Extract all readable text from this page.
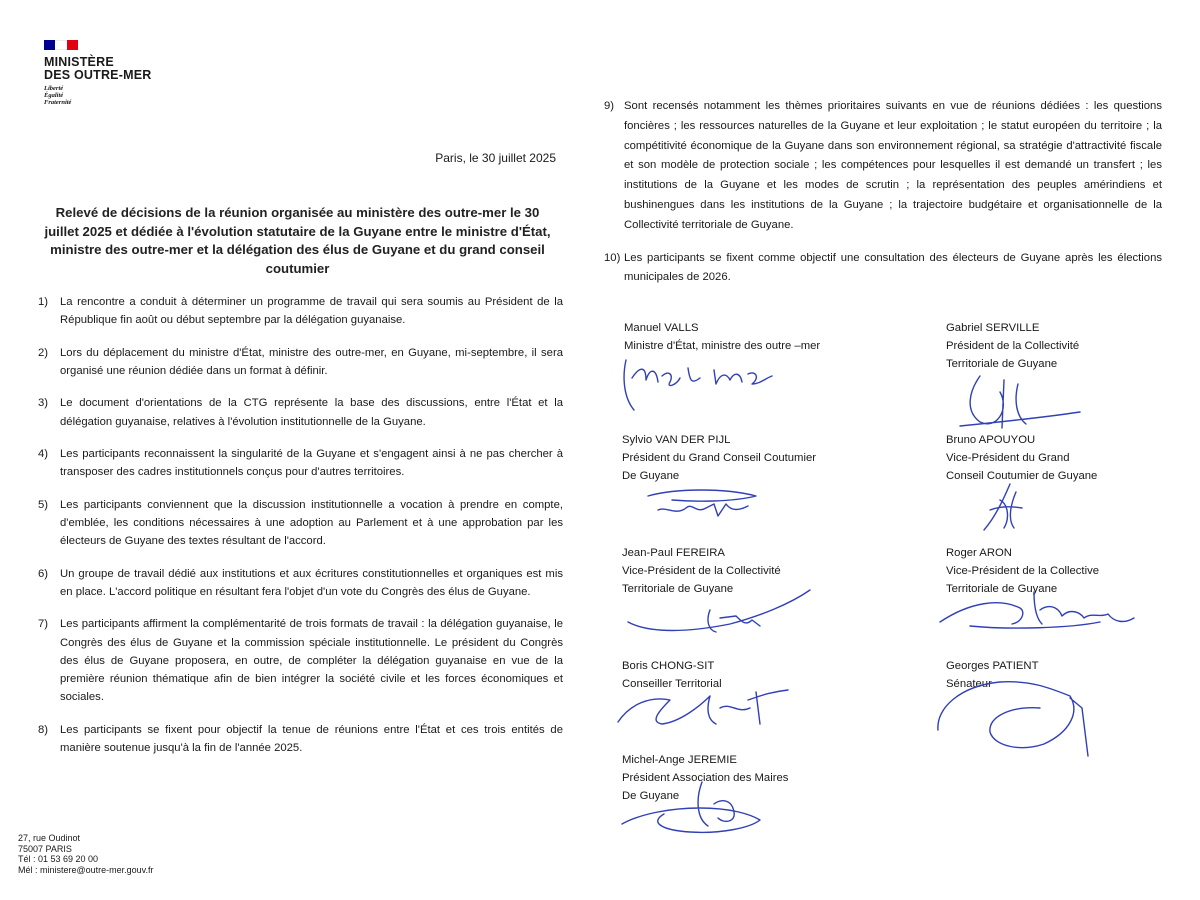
MINISTÈRE
DES OUTRE-MER
Liberté
Égalité
Fraternité
Paris, le 30 juillet 2025
Relevé de décisions de la réunion organisée au ministère des outre-mer le 30 juillet 2025 et dédiée à l'évolution statutaire de la Guyane entre le ministre d'État, ministre des outre-mer et la délégation des élus de Guyane et du grand conseil coutumier
1)	La rencontre a conduit à déterminer un programme de travail qui sera soumis au Président de la République fin août ou début septembre par la délégation guyanaise.
2)	Lors du déplacement du ministre d'État, ministre des outre-mer, en Guyane, mi-septembre, il sera organisé une réunion dédiée dans un format à définir.
3)	Le document d'orientations de la CTG représente la base des discussions, entre l'État et la délégation guyanaise, relatives à l'évolution institutionnelle de la Guyane.
4)	Les participants reconnaissent la singularité de la Guyane et s'engagent ainsi à ne pas chercher à transposer des cadres institutionnels conçus pour d'autres territoires.
5)	Les participants conviennent que la discussion institutionnelle a vocation à prendre en compte, d'emblée, les conditions nécessaires à une adoption au Parlement et à une approbation par les électeurs de Guyane des textes résultant de l'accord.
6)	Un groupe de travail dédié aux institutions et aux écritures constitutionnelles et organiques est mis en place. L'accord politique en résultant fera l'objet d'un vote du Congrès des élus de Guyane.
7)	Les participants affirment la complémentarité de trois formats de travail : la délégation guyanaise, le Congrès des élus de Guyane et la commission spéciale institutionnelle. Le président du Congrès des élus de Guyane proposera, en outre, de compléter la délégation guyanaise en vue de la première réunion thématique afin de bien intégrer la société civile et les forces économiques et sociales.
8)	Les participants se fixent pour objectif la tenue de réunions entre l'État et ces trois entités de manière soutenue jusqu'à la fin de l'année 2025.
27, rue Oudinot
75007 PARIS
Tél : 01 53 69 20 00
Mél : ministere@outre-mer.gouv.fr
9) Sont recensés notamment les thèmes prioritaires suivants en vue de réunions dédiées : les questions foncières ; les ressources naturelles de la Guyane et leur exploitation ; le statut européen du territoire ; la compétitivité économique de la Guyane dans son environnement régional, sa stratégie d'attractivité fiscale et son modèle de protection sociale ; les compétences pour lesquelles il est demandé un transfert ; les institutions de la Guyane et les modes de scrutin ; la représentation des peuples amérindiens et bushinengues dans les institutions de la Guyane ; la trajectoire budgétaire et organisationnelle de la Collectivité territoriale de Guyane.
10) Les participants se fixent comme objectif une consultation des électeurs de Guyane après les élections municipales de 2026.
Manuel VALLS
Ministre d'État, ministre des outre –mer
Gabriel SERVILLE
Président de la Collectivité
Territoriale de Guyane
Sylvio VAN DER PIJL
Président du Grand Conseil Coutumier
De Guyane
Bruno APOUYOU
Vice-Président du Grand
Conseil Coutumier de Guyane
Jean-Paul FEREIRA
Vice-Président de la Collectivité
Territoriale de Guyane
Roger ARON
Vice-Président de la Collective
Territoriale de Guyane
Boris CHONG-SIT
Conseiller Territorial
Georges PATIENT
Sénateur
Michel-Ange JEREMIE
Président Association des Maires
De Guyane
